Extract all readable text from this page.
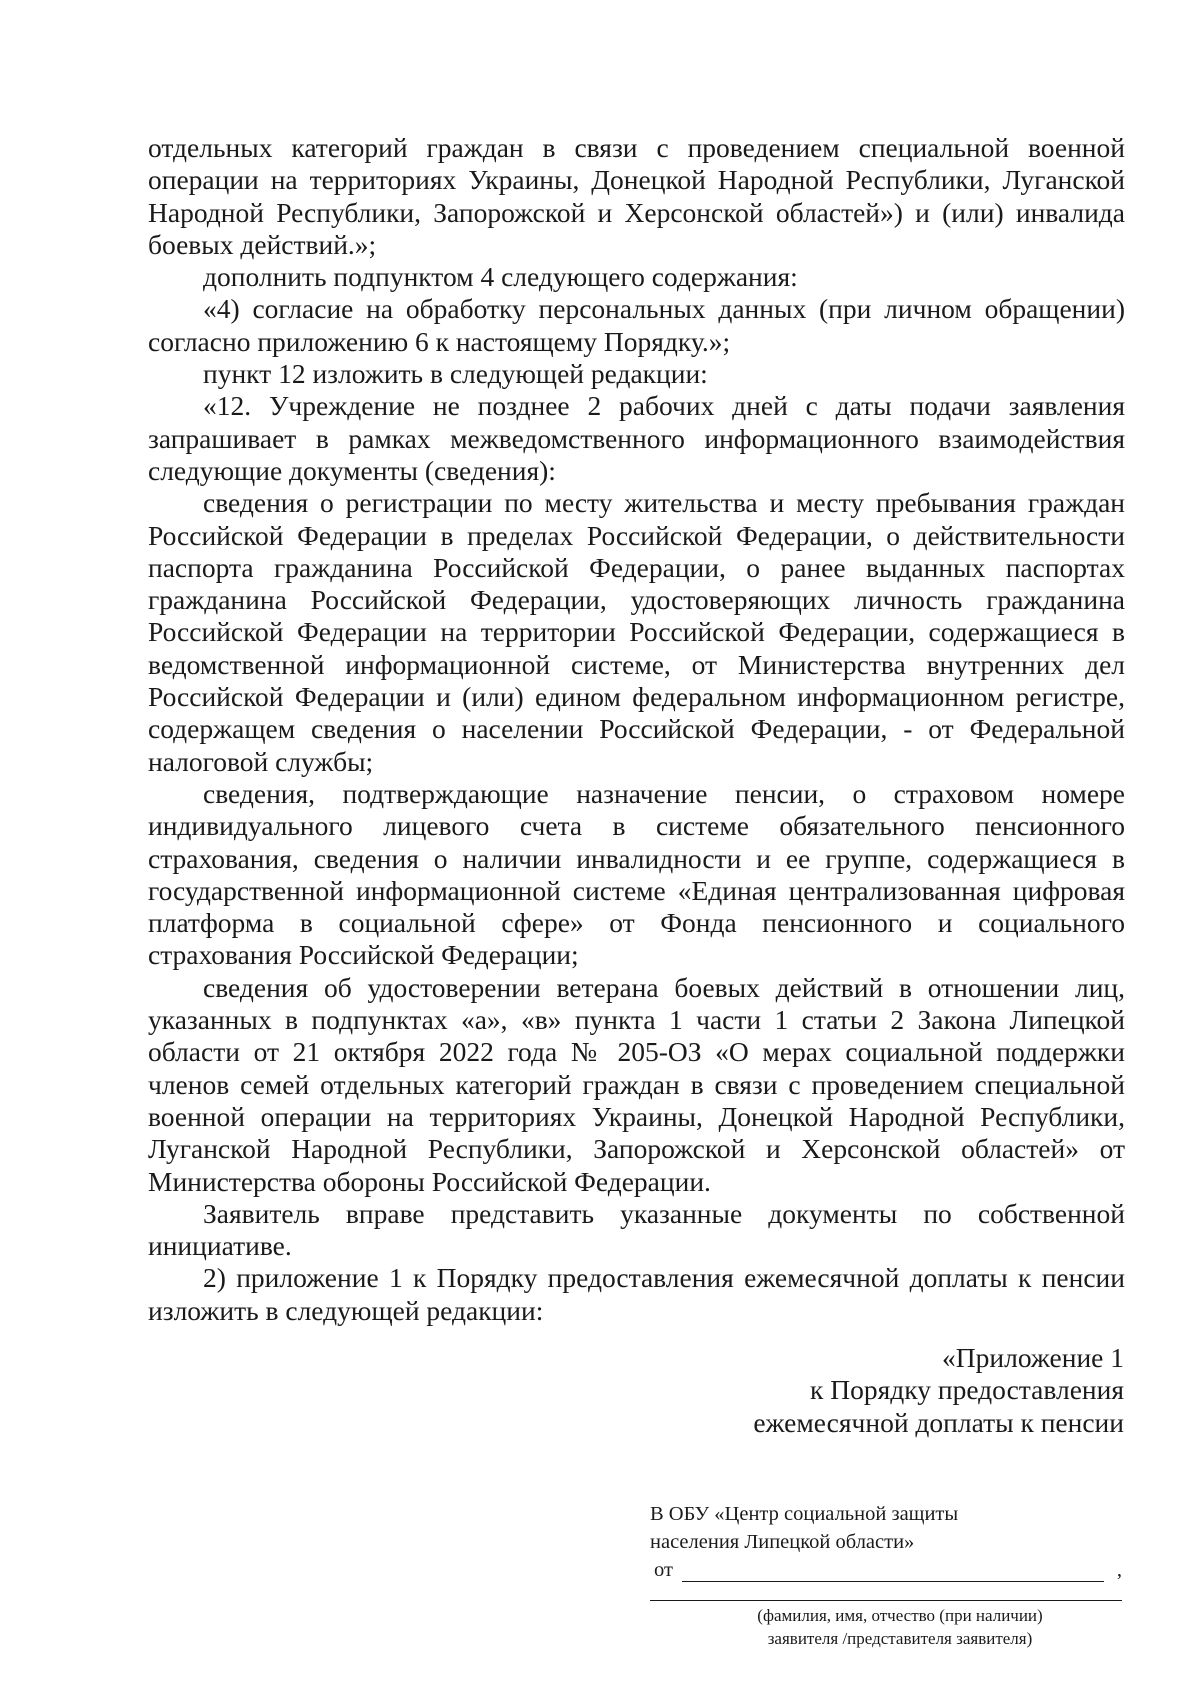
отдельных категорий граждан в связи с проведением специальной военной операции на территориях Украины, Донецкой Народной Республики, Луганской Народной Республики, Запорожской и Херсонской областей») и (или) инвалида боевых действий.»;

дополнить подпунктом 4 следующего содержания:

«4) согласие на обработку персональных данных (при личном обращении) согласно приложению 6 к настоящему Порядку.»;

пункт 12 изложить в следующей редакции:

«12. Учреждение не позднее 2 рабочих дней с даты подачи заявления запрашивает в рамках межведомственного информационного взаимодействия следующие документы (сведения):

сведения о регистрации по месту жительства и месту пребывания граждан Российской Федерации в пределах Российской Федерации, о действительности паспорта гражданина Российской Федерации, о ранее выданных паспортах гражданина Российской Федерации, удостоверяющих личность гражданина Российской Федерации на территории Российской Федерации, содержащиеся в ведомственной информационной системе, от Министерства внутренних дел Российской Федерации и (или) едином федеральном информационном регистре, содержащем сведения о населении Российской Федерации, - от Федеральной налоговой службы;

сведения, подтверждающие назначение пенсии, о страховом номере индивидуального лицевого счета в системе обязательного пенсионного страхования, сведения о наличии инвалидности и ее группе, содержащиеся в государственной информационной системе «Единая централизованная цифровая платформа в социальной сфере» от Фонда пенсионного и социального страхования Российской Федерации;

сведения об удостоверении ветерана боевых действий в отношении лиц, указанных в подпунктах «а», «в» пункта 1 части 1 статьи 2 Закона Липецкой области от 21 октября 2022 года № 205-ОЗ «О мерах социальной поддержки членов семей отдельных категорий граждан в связи с проведением специальной военной операции на территориях Украины, Донецкой Народной Республики, Луганской Народной Республики, Запорожской и Херсонской областей» от Министерства обороны Российской Федерации.

Заявитель вправе представить указанные документы по собственной инициативе.

2) приложение 1 к Порядку предоставления ежемесячной доплаты к пенсии изложить в следующей редакции:

«Приложение 1
к Порядку предоставления
ежемесячной доплаты к пенсии
В ОБУ «Центр социальной защиты
населения Липецкой области»
от	,
(фамилия, имя, отчество (при наличии)
заявителя /представителя заявителя)
